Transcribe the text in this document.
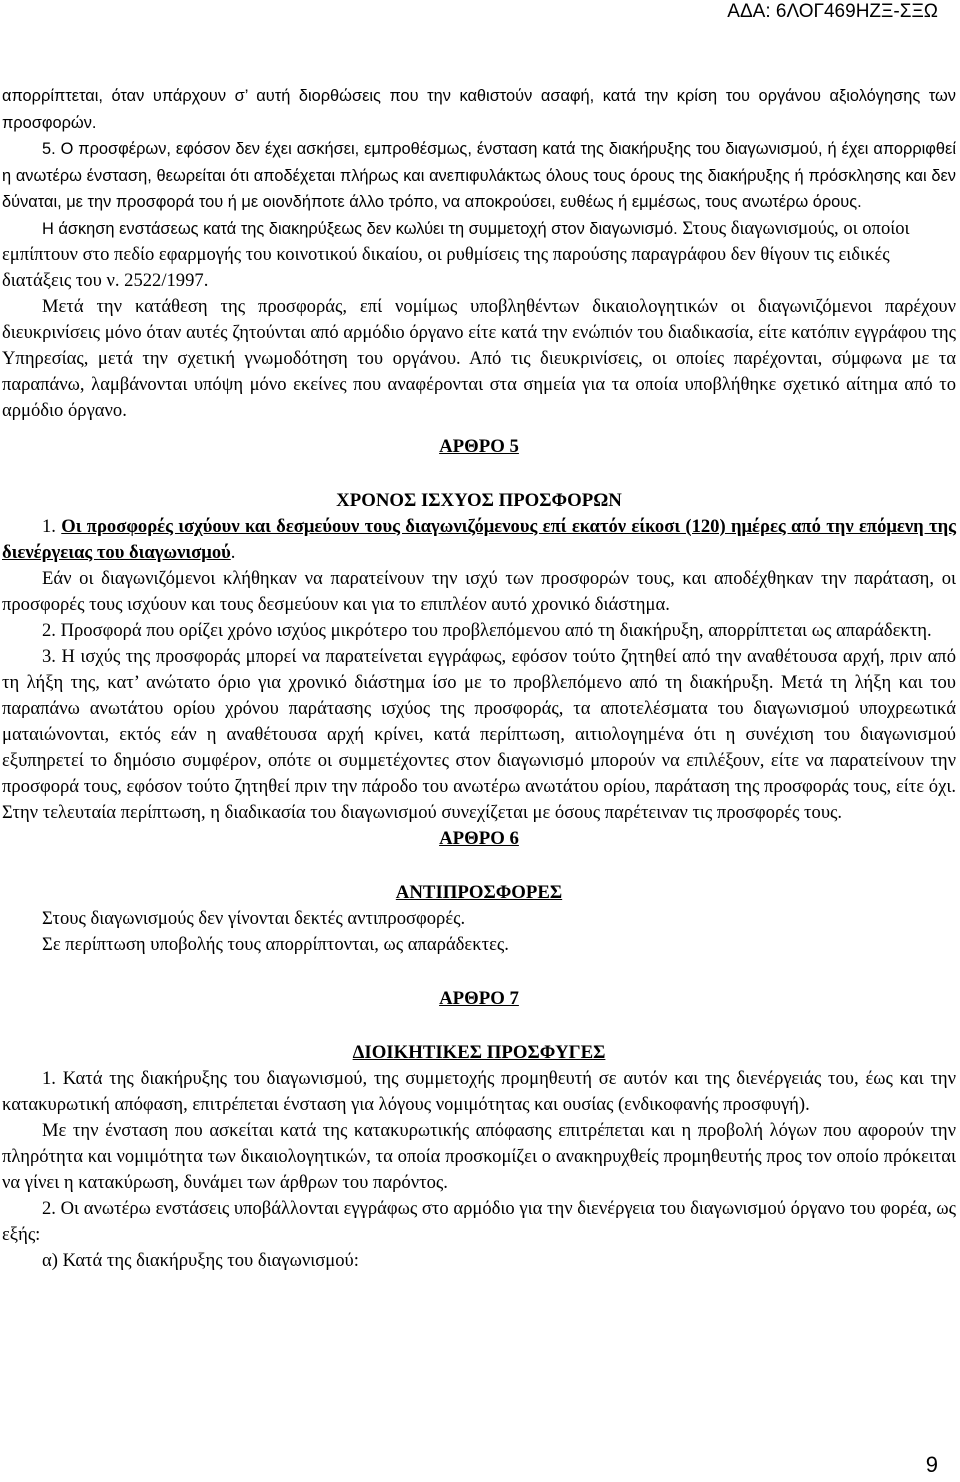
ΑΔΑ: 6ΛΟΓ469ΗΖΞ-ΣΞΩ

απορρίπτεται, όταν υπάρχουν σ’ αυτή διορθώσεις που την καθιστούν ασαφή, κατά την κρίση του οργάνου αξιολόγησης των προσφορών.

5. Ο προσφέρων, εφόσον δεν έχει ασκήσει, εμπροθέσμως, ένσταση κατά της διακήρυξης του διαγωνισμού, ή έχει απορριφθεί η ανωτέρω ένσταση, θεωρείται ότι αποδέχεται πλήρως και ανεπιφυλάκτως όλους τους όρους της διακήρυξης ή πρόσκλησης και δεν δύναται, με την προσφορά του ή με οιονδήποτε άλλο τρόπο, να αποκρούσει, ευθέως ή εμμέσως, τους ανωτέρω όρους.

Η άσκηση ενστάσεως κατά της διακηρύξεως δεν κωλύει τη συμμετοχή στον διαγωνισμό. Στους διαγωνισμούς, οι οποίοι εμπίπτουν στο πεδίο εφαρμογής του κοινοτικού δικαίου, οι ρυθμίσεις της παρούσης παραγράφου δεν θίγουν τις ειδικές διατάξεις του ν. 2522/1997.

Μετά την κατάθεση της προσφοράς, επί νομίμως υποβληθέντων δικαιολογητικών οι διαγωνιζόμενοι παρέχουν διευκρινίσεις μόνο όταν αυτές ζητούνται από αρμόδιο όργανο είτε κατά την ενώπιόν του διαδικασία, είτε κατόπιν εγγράφου της Υπηρεσίας, μετά την σχετική γνωμοδότηση του οργάνου. Από τις διευκρινίσεις, οι οποίες παρέχονται, σύμφωνα με τα παραπάνω, λαμβάνονται υπόψη μόνο εκείνες που αναφέρονται στα σημεία για τα οποία υποβλήθηκε σχετικό αίτημα από το αρμόδιο όργανο.

ΑΡΘΡΟ 5

ΧΡΟΝΟΣ ΙΣΧΥΟΣ ΠΡΟΣΦΟΡΩΝ

1. Οι προσφορές ισχύουν και δεσμεύουν τους διαγωνιζόμενους επί εκατόν είκοσι (120) ημέρες από την επόμενη της διενέργειας του διαγωνισμού.

Εάν οι διαγωνιζόμενοι κλήθηκαν να παρατείνουν την ισχύ των προσφορών τους, και αποδέχθηκαν την παράταση, οι προσφορές τους ισχύουν και τους δεσμεύουν και για το επιπλέον αυτό χρονικό διάστημα.

2. Προσφορά που ορίζει χρόνο ισχύος μικρότερο του προβλεπόμενου από τη διακήρυξη, απορρίπτεται ως απαράδεκτη.

3. Η ισχύς της προσφοράς μπορεί να παρατείνεται εγγράφως, εφόσον τούτο ζητηθεί από την αναθέτουσα αρχή, πριν από τη λήξη της, κατ’ ανώτατο όριο για χρονικό διάστημα ίσο με το προβλεπόμενο από τη διακήρυξη. Μετά τη λήξη και του παραπάνω ανωτάτου ορίου χρόνου παράτασης ισχύος της προσφοράς, τα αποτελέσματα του διαγωνισμού υποχρεωτικά ματαιώνονται, εκτός εάν η αναθέτουσα αρχή κρίνει, κατά περίπτωση, αιτιολογημένα ότι η συνέχιση του διαγωνισμού εξυπηρετεί το δημόσιο συμφέρον, οπότε οι συμμετέχοντες στον διαγωνισμό μπορούν να επιλέξουν, είτε να παρατείνουν την προσφορά τους, εφόσον τούτο ζητηθεί πριν την πάροδο του ανωτέρω ανωτάτου ορίου, παράταση της προσφοράς τους, είτε όχι. Στην τελευταία περίπτωση, η διαδικασία του διαγωνισμού συνεχίζεται με όσους παρέτειναν τις προσφορές τους.

ΑΡΘΡΟ 6

ΑΝΤΙΠΡΟΣΦΟΡΕΣ

Στους διαγωνισμούς δεν γίνονται δεκτές αντιπροσφορές.

Σε περίπτωση υποβολής τους απορρίπτονται, ως απαράδεκτες.

ΑΡΘΡΟ 7

ΔΙΟΙΚΗΤΙΚΕΣ ΠΡΟΣΦΥΓΕΣ

1. Κατά της διακήρυξης του διαγωνισμού, της συμμετοχής προμηθευτή σε αυτόν και της διενέργειάς του, έως και την κατακυρωτική απόφαση, επιτρέπεται ένσταση για λόγους νομιμότητας και ουσίας (ενδικοφανής προσφυγή).

Με την ένσταση που ασκείται κατά της κατακυρωτικής απόφασης επιτρέπεται και η προβολή λόγων που αφορούν την πληρότητα και νομιμότητα των δικαιολογητικών, τα οποία προσκομίζει ο ανακηρυχθείς προμηθευτής προς τον οποίο πρόκειται να γίνει η κατακύρωση, δυνάμει των άρθρων του παρόντος.

2. Οι ανωτέρω ενστάσεις υποβάλλονται εγγράφως στο αρμόδιο για την διενέργεια του διαγωνισμού όργανο του φορέα, ως εξής:

α) Κατά της διακήρυξης του διαγωνισμού:

9
